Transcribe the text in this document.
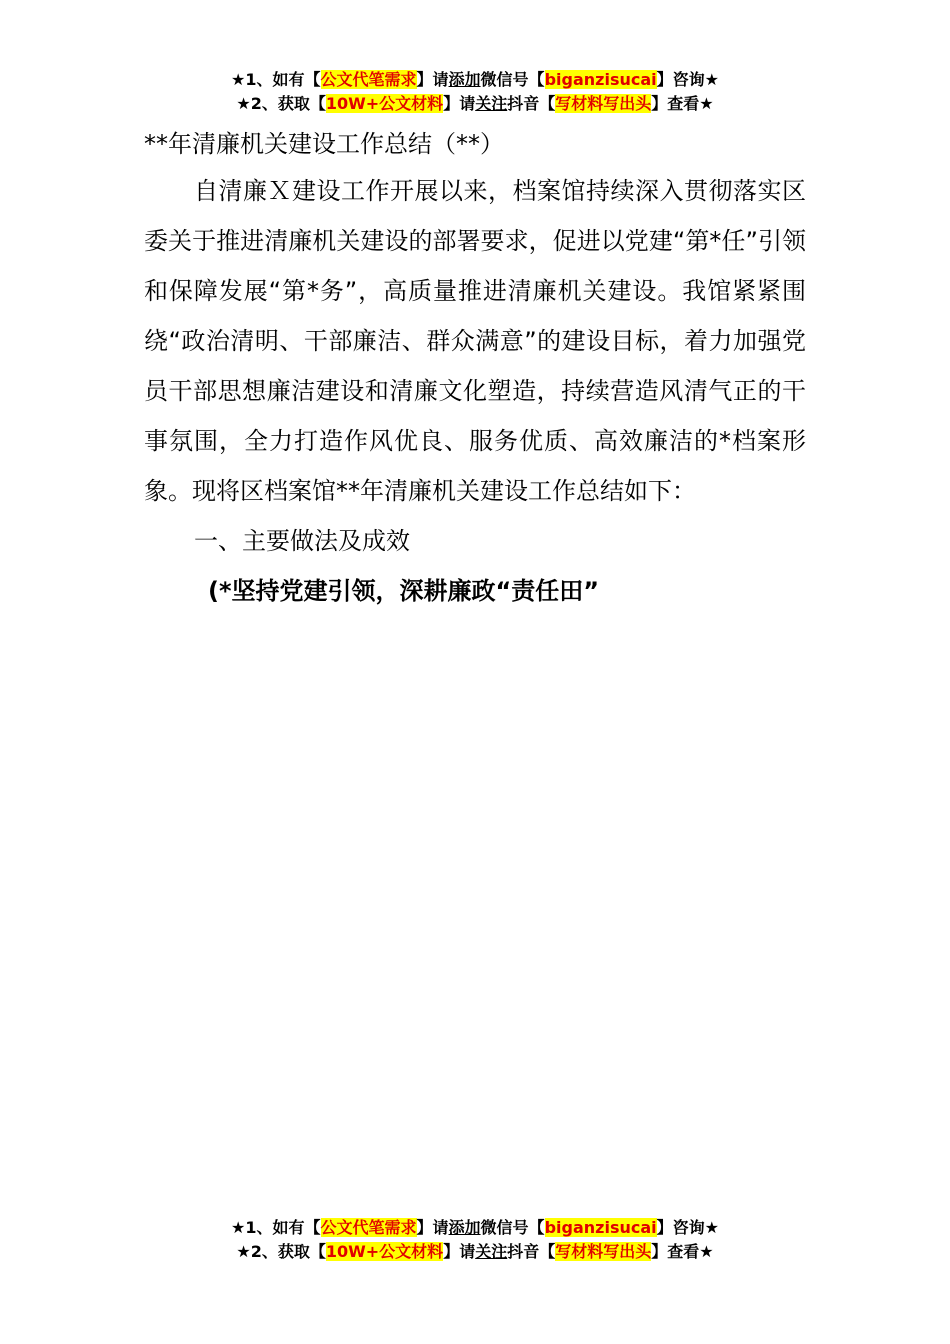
★1、如有【公文代笔需求】请添加微信号【biganzisucai】咨询★
★2、获取【10W+公文材料】请关注抖音【写材料写出头】查看★

**年清廉机关建设工作总结（**）

自清廉Ｘ建设工作开展以来，档案馆持续深入贯彻落实区委关于推进清廉机关建设的部署要求，促进以党建“第*任”引领和保障发展“第*务”，高质量推进清廉机关建设。我馆紧紧围绕“政治清明、干部廉洁、群众满意”的建设目标，着力加强党员干部思想廉洁建设和清廉文化塑造，持续营造风清气正的干事氛围，全力打造作风优良、服务优质、高效廉洁的*档案形象。现将区档案馆**年清廉机关建设工作总结如下：

一、主要做法及成效

(*坚持党建引领，深耕廉政“责任田”

★1、如有【公文代笔需求】请添加微信号【biganzisucai】咨询★
★2、获取【10W+公文材料】请关注抖音【写材料写出头】查看★
